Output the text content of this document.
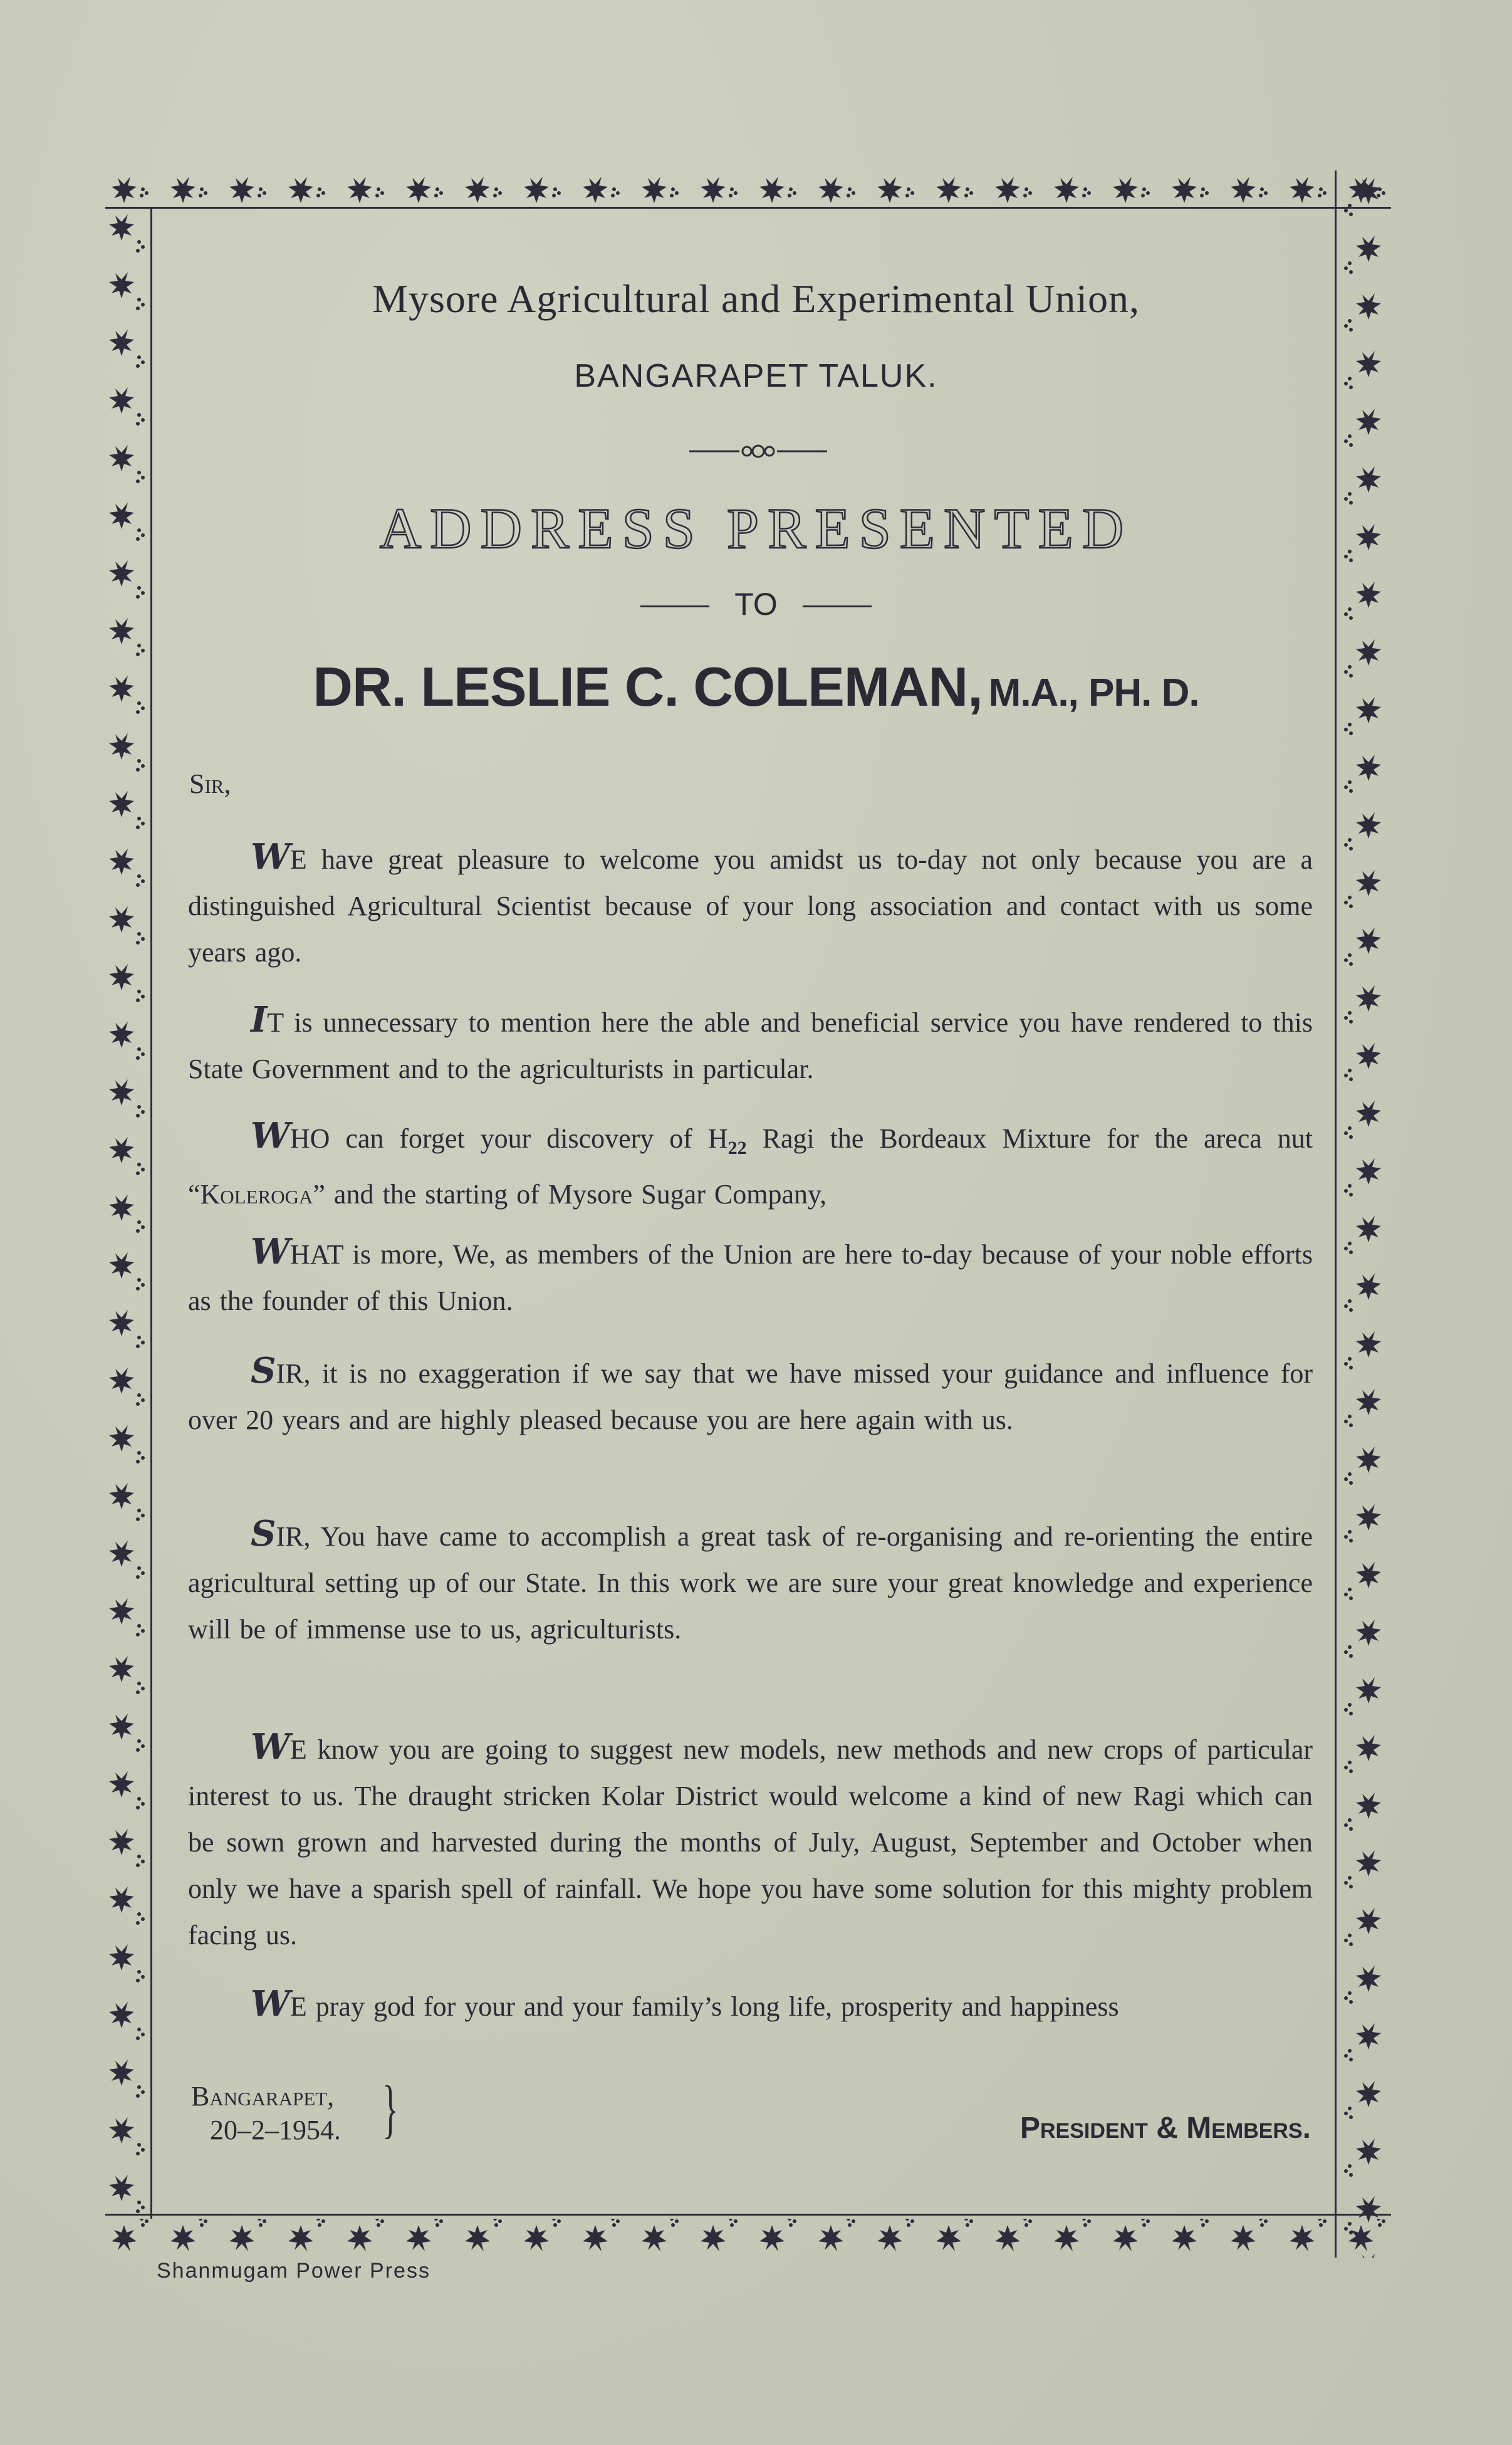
Mysore Agricultural and Experimental Union,
BANGARAPET TALUK.
ADDRESS PRESENTED
TO
DR. LESLIE C. COLEMAN, M.A., PH. D.
Sir,
WE have great pleasure to welcome you amidst us to-day not only because you are a distinguished Agricultural Scientist because of your long association and contact with us some years ago.
IT is unnecessary to mention here the able and beneficial service you have rendered to this State Government and to the agriculturists in particular.
WHO can forget your discovery of $H_{22}$ Ragi the Bordeaux Mixture for the areca nut “Koleroga” and the starting of Mysore Sugar Company,
WHAT is more, We, as members of the Union are here to-day because of your noble efforts as the founder of this Union.
SIR, it is no exaggeration if we say that we have missed your guidance and influence for over 20 years and are highly pleased because you are here again with us.
SIR, You have came to accomplish a great task of re-organising and re-orienting the entire agricultural setting up of our State. In this work we are sure your great knowledge and experience will be of immense use to us, agriculturists.
WE know you are going to suggest new models, new methods and new crops of particular interest to us. The draught stricken Kolar District would welcome a kind of new Ragi which can be sown grown and harvested during the months of July, August, September and October when only we have a sparish spell of rainfall. We hope you have some solution for this mighty problem facing us.
WE pray god for your and your family’s long life, prosperity and happiness
Bangarapet,
20–2–1954. }	President & Members.
Shanmugam Power Press
